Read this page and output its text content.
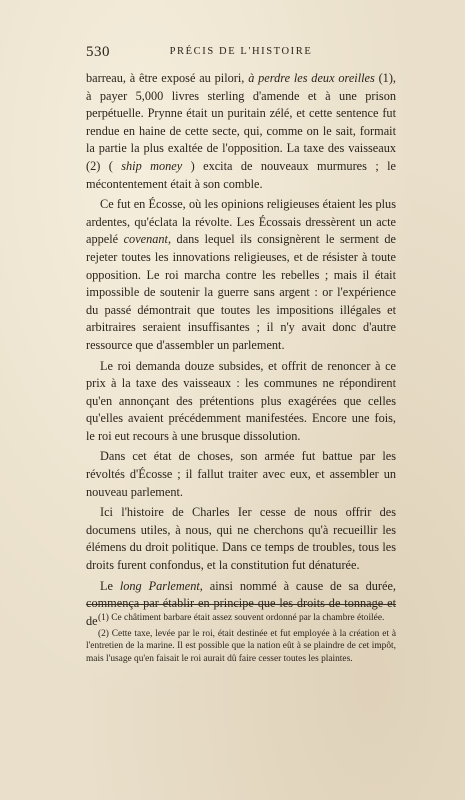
530	PRÉCIS DE L'HISTOIRE

barreau, à être exposé au pilori, à perdre les deux oreilles (1), à payer 5,000 livres sterling d'amende et à une prison perpétuelle. Prynne était un puritain zélé, et cette sentence fut rendue en haine de cette secte, qui, comme on le sait, formait la partie la plus exaltée de l'opposition. La taxe des vaisseaux (2) ( ship money ) excita de nouveaux murmures ; le mécontentement était à son comble.

Ce fut en Écosse, où les opinions religieuses étaient les plus ardentes, qu'éclata la révolte. Les Écossais dressèrent un acte appelé covenant, dans lequel ils consignèrent le serment de rejeter toutes les innovations religieuses, et de résister à toute opposition. Le roi marcha contre les rebelles ; mais il était impossible de soutenir la guerre sans argent : or l'expérience du passé démontrait que toutes les impositions illégales et arbitraires seraient insuffisantes ; il n'y avait donc d'autre ressource que d'assembler un parlement.

Le roi demanda douze subsides, et offrit de renoncer à ce prix à la taxe des vaisseaux : les communes ne répondirent qu'en annonçant des prétentions plus exagérées que celles qu'elles avaient précédemment manifestées. Encore une fois, le roi eut recours à une brusque dissolution.

Dans cet état de choses, son armée fut battue par les révoltés d'Écosse ; il fallut traiter avec eux, et assembler un nouveau parlement.

Ici l'histoire de Charles Ier cesse de nous offrir des documens utiles, à nous, qui ne cherchons qu'à recueillir les élémens du droit politique. Dans ce temps de troubles, tous les droits furent confondus, et la constitution fut dénaturée.

Le long Parlement, ainsi nommé à cause de sa durée, commença par établir en principe que les droits de tonnage et de (1) Ce châtiment barbare était assez souvent ordonné par la chambre étoilée.

(2) Cette taxe, levée par le roi, était destinée et fut employée à la création et à l'entretien de la marine. Il est possible que la nation eût à se plaindre de cet impôt, mais l'usage qu'en faisait le roi aurait dû faire cesser toutes les plaintes.
